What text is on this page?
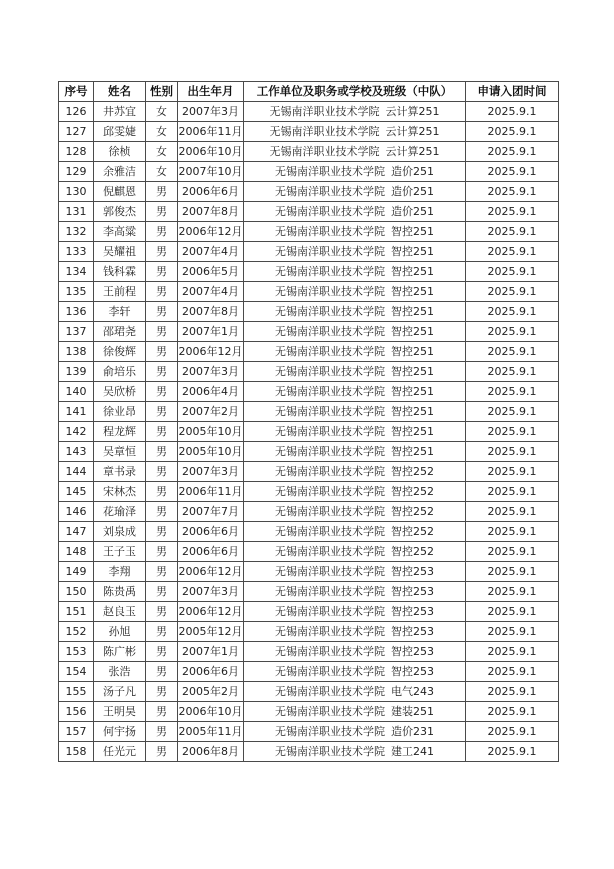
序号	姓名	性别	出生年月	工作单位及职务或学校及班级（中队）	申请入团时间
126	井苏宜	女	2007年3月	无锡南洋职业技术学院 云计算251	2025.9.1
127	邱雯婕	女	2006年11月	无锡南洋职业技术学院 云计算251	2025.9.1
128	徐桢	女	2006年10月	无锡南洋职业技术学院 云计算251	2025.9.1
129	余雅洁	女	2007年10月	无锡南洋职业技术学院 造价251	2025.9.1
130	倪麒恩	男	2006年6月	无锡南洋职业技术学院 造价251	2025.9.1
131	郭俊杰	男	2007年8月	无锡南洋职业技术学院 造价251	2025.9.1
132	李高粱	男	2006年12月	无锡南洋职业技术学院 智控251	2025.9.1
133	吴耀祖	男	2007年4月	无锡南洋职业技术学院 智控251	2025.9.1
134	钱科霖	男	2006年5月	无锡南洋职业技术学院 智控251	2025.9.1
135	王前程	男	2007年4月	无锡南洋职业技术学院 智控251	2025.9.1
136	李轩	男	2007年8月	无锡南洋职业技术学院 智控251	2025.9.1
137	邵珺尧	男	2007年1月	无锡南洋职业技术学院 智控251	2025.9.1
138	徐俊辉	男	2006年12月	无锡南洋职业技术学院 智控251	2025.9.1
139	俞培乐	男	2007年3月	无锡南洋职业技术学院 智控251	2025.9.1
140	吴欣桥	男	2006年4月	无锡南洋职业技术学院 智控251	2025.9.1
141	徐业昂	男	2007年2月	无锡南洋职业技术学院 智控251	2025.9.1
142	程龙辉	男	2005年10月	无锡南洋职业技术学院 智控251	2025.9.1
143	吴章恒	男	2005年10月	无锡南洋职业技术学院 智控251	2025.9.1
144	章书录	男	2007年3月	无锡南洋职业技术学院 智控252	2025.9.1
145	宋林杰	男	2006年11月	无锡南洋职业技术学院 智控252	2025.9.1
146	花瑜泽	男	2007年7月	无锡南洋职业技术学院 智控252	2025.9.1
147	刘泉成	男	2006年6月	无锡南洋职业技术学院 智控252	2025.9.1
148	王子玉	男	2006年6月	无锡南洋职业技术学院 智控252	2025.9.1
149	李翔	男	2006年12月	无锡南洋职业技术学院 智控253	2025.9.1
150	陈贵禹	男	2007年3月	无锡南洋职业技术学院 智控253	2025.9.1
151	赵良玉	男	2006年12月	无锡南洋职业技术学院 智控253	2025.9.1
152	孙旭	男	2005年12月	无锡南洋职业技术学院 智控253	2025.9.1
153	陈广彬	男	2007年1月	无锡南洋职业技术学院 智控253	2025.9.1
154	张浩	男	2006年6月	无锡南洋职业技术学院 智控253	2025.9.1
155	汤子凡	男	2005年2月	无锡南洋职业技术学院 电气243	2025.9.1
156	王明昊	男	2006年10月	无锡南洋职业技术学院 建装251	2025.9.1
157	何宇扬	男	2005年11月	无锡南洋职业技术学院 造价231	2025.9.1
158	任光元	男	2006年8月	无锡南洋职业技术学院 建工241	2025.9.1
